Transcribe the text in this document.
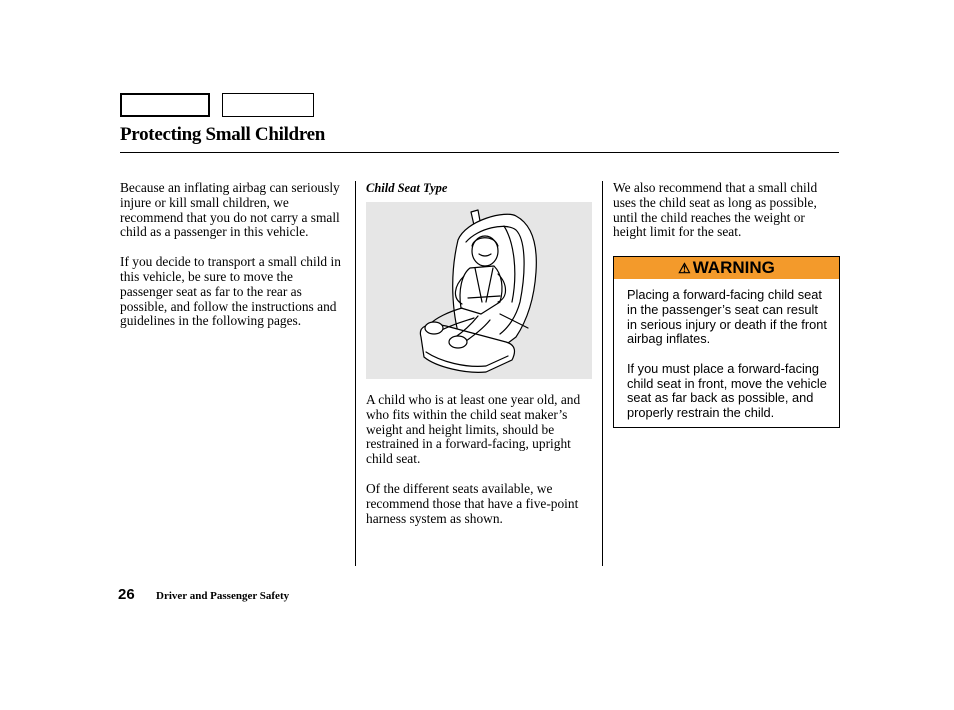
Protecting Small Children

Because an inflating airbag can seriously injure or kill small children, we recommend that you do not carry a small child as a passenger in this vehicle.

If you decide to transport a small child in this vehicle, be sure to move the passenger seat as far to the rear as possible, and follow the instructions and guidelines in the following pages.

Child Seat Type

A child who is at least one year old, and who fits within the child seat maker’s weight and height limits, should be restrained in a forward-facing, upright child seat.

Of the different seats available, we recommend those that have a five-point harness system as shown.

We also recommend that a small child uses the child seat as long as possible, until the child reaches the weight or height limit for the seat.

⚠ WARNING

Placing a forward-facing child seat in the passenger’s seat can result in serious injury or death if the front airbag inflates.

If you must place a forward-facing child seat in front, move the vehicle seat as far back as possible, and properly restrain the child.

26 Driver and Passenger Safety
